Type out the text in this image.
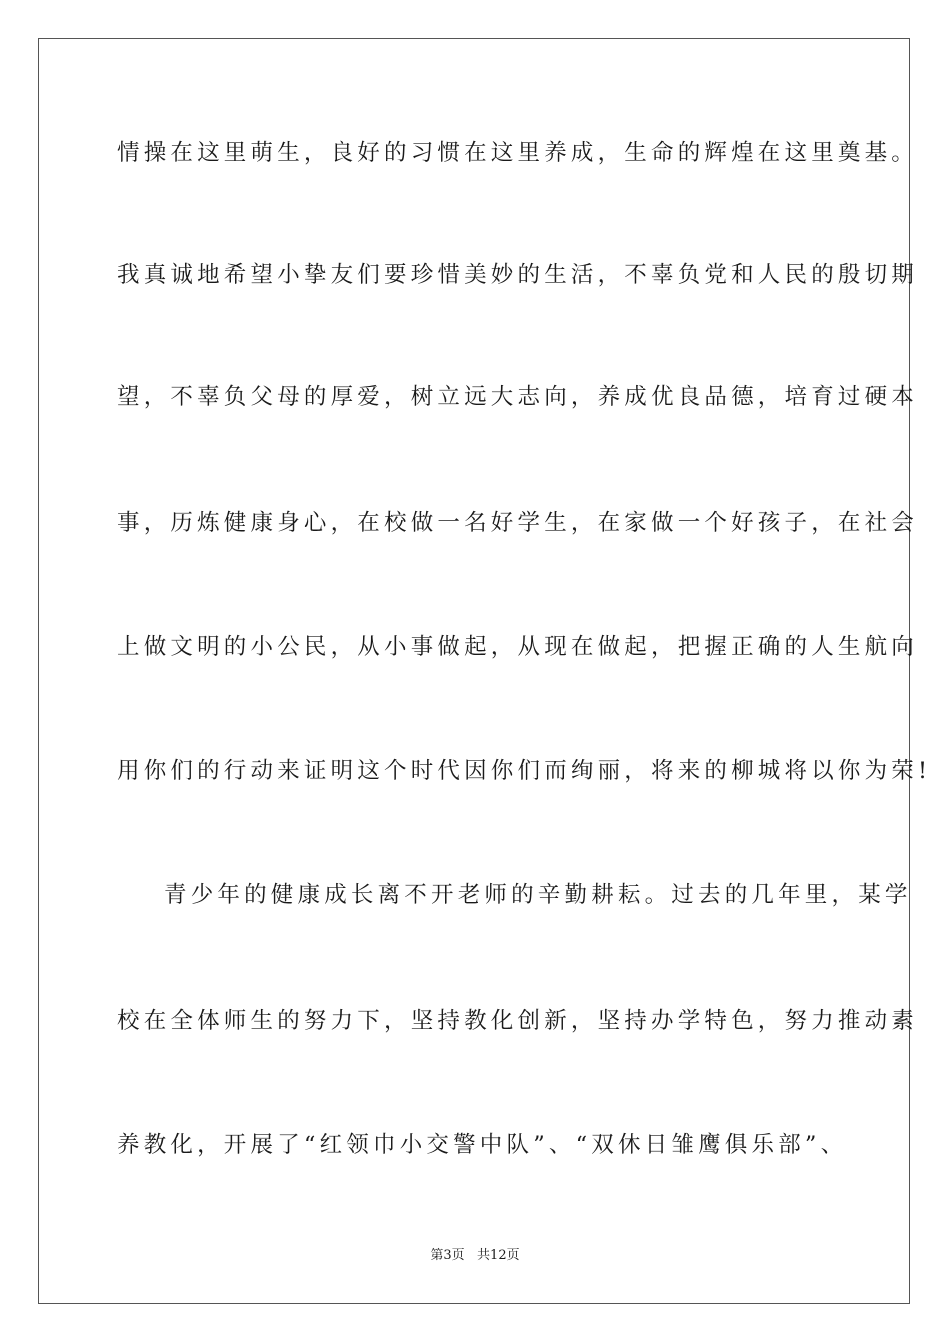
情操在这里萌生，良好的习惯在这里养成，生命的辉煌在这里奠基。
我真诚地希望小挚友们要珍惜美妙的生活，不辜负党和人民的殷切期
望，不辜负父母的厚爱，树立远大志向，养成优良品德，培育过硬本
事，历炼健康身心，在校做一名好学生，在家做一个好孩子，在社会
上做文明的小公民，从小事做起，从现在做起，把握正确的人生航向
用你们的行动来证明这个时代因你们而绚丽，将来的柳城将以你为荣!
青少年的健康成长离不开老师的辛勤耕耘。过去的几年里，某学
校在全体师生的努力下，坚持教化创新，坚持办学特色，努力推动素
养教化，开展了“红领巾小交警中队”、“双休日雏鹰俱乐部”、
第3页   共12页
